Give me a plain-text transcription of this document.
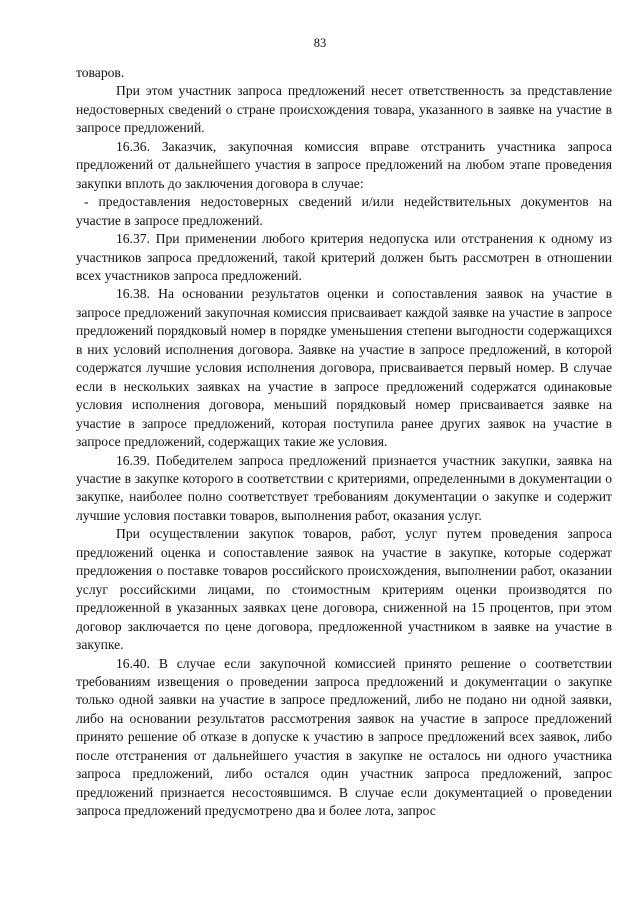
83

товаров.

При этом участник запроса предложений несет ответственность за представление недостоверных сведений о стране происхождения товара, указанного в заявке на участие в запросе предложений.

16.36. Заказчик, закупочная комиссия вправе отстранить участника запроса предложений от дальнейшего участия в запросе предложений на любом этапе проведения закупки вплоть до заключения договора в случае:

- предоставления недостоверных сведений и/или недействительных документов на участие в запросе предложений.

16.37. При применении любого критерия недопуска или отстранения к одному из участников запроса предложений, такой критерий должен быть рассмотрен в отношении всех участников запроса предложений.

16.38. На основании результатов оценки и сопоставления заявок на участие в запросе предложений закупочная комиссия присваивает каждой заявке на участие в запросе предложений порядковый номер в порядке уменьшения степени выгодности содержащихся в них условий исполнения договора. Заявке на участие в запросе предложений, в которой содержатся лучшие условия исполнения договора, присваивается первый номер. В случае если в нескольких заявках на участие в запросе предложений содержатся одинаковые условия исполнения договора, меньший порядковый номер присваивается заявке на участие в запросе предложений, которая поступила ранее других заявок на участие в запросе предложений, содержащих такие же условия.

16.39. Победителем запроса предложений признается участник закупки, заявка на участие в закупке которого в соответствии с критериями, определенными в документации о закупке, наиболее полно соответствует требованиям документации о закупке и содержит лучшие условия поставки товаров, выполнения работ, оказания услуг.

При осуществлении закупок товаров, работ, услуг путем проведения запроса предложений оценка и сопоставление заявок на участие в закупке, которые содержат предложения о поставке товаров российского происхождения, выполнении работ, оказании услуг российскими лицами, по стоимостным критериям оценки производятся по предложенной в указанных заявках цене договора, сниженной на 15 процентов, при этом договор заключается по цене договора, предложенной участником в заявке на участие в закупке.

16.40. В случае если закупочной комиссией принято решение о соответствии требованиям извещения о проведении запроса предложений и документации о закупке только одной заявки на участие в запросе предложений, либо не подано ни одной заявки, либо на основании результатов рассмотрения заявок на участие в запросе предложений принято решение об отказе в допуске к участию в запросе предложений всех заявок, либо после отстранения от дальнейшего участия в закупке не осталось ни одного участника запроса предложений, либо остался один участник запроса предложений, запрос предложений признается несостоявшимся. В случае если документацией о проведении запроса предложений предусмотрено два и более лота, запрос
